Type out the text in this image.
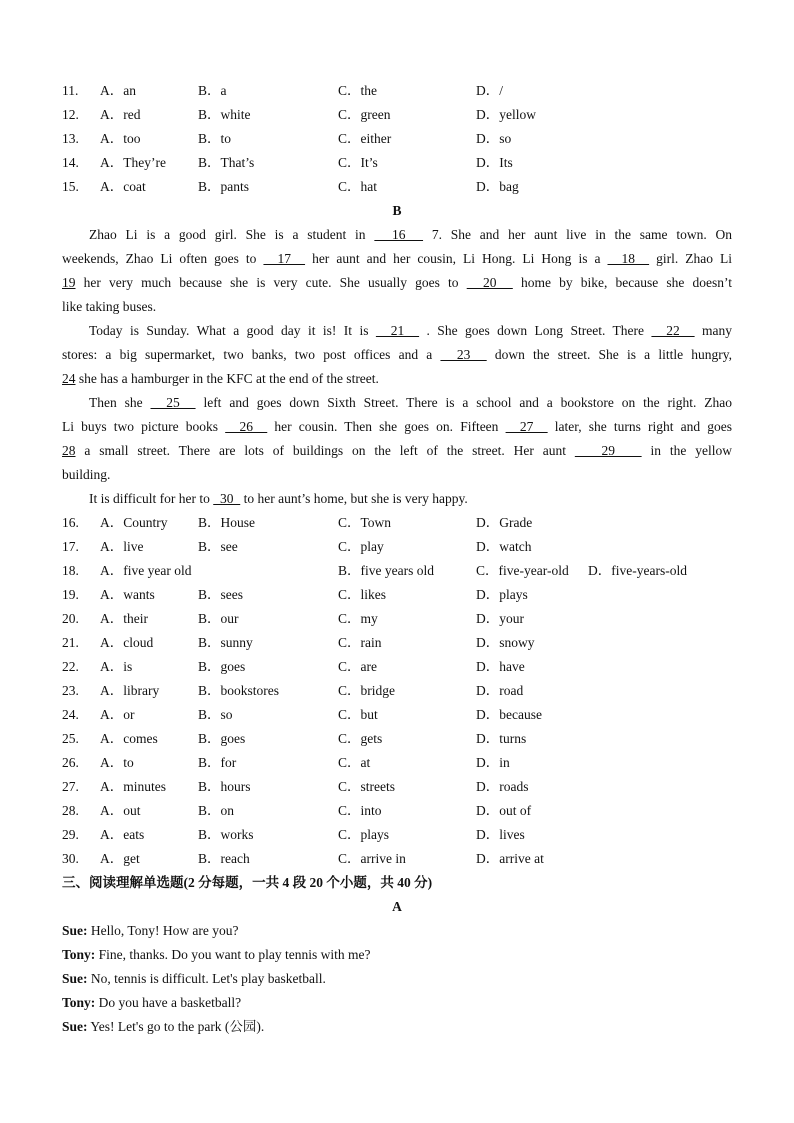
11. A．an	B．a	C．the	D．/
12. A．red	B．white	C．green	D．yellow
13. A．too	B．to	C．either	D．so
14. A．They’re B．That’s	C．It’s	D．Its
15. A．coat	B．pants	C．hat	D．bag
B
Zhao Li is a good girl. She is a student in   16   7. She and her aunt live in the same town. On
weekends, Zhao Li often goes to   17   her aunt and her cousin, Li Hong. Li Hong is a   18   girl. Zhao Li
19 her very much because she is very cute. She usually goes to   20   home by bike, because she doesn’t
like taking buses.
Today is Sunday. What a good day it is! It is   21   . She goes down Long Street. There   22   many
stores: a big supermarket, two banks, two post offices and a   23   down the street. She is a little hungry,
24 she has a hamburger in the KFC at the end of the street.
Then she   25   left and goes down Sixth Street. There is a school and a bookstore on the right. Zhao
Li buys two picture books   26   her cousin. Then she goes on. Fifteen   27   later, she turns right and goes
28 a small street. There are lots of buildings on the left of the street. Her aunt    29    in the yellow
building.
It is difficult for her to   30   to her aunt’s home, but she is very happy.
16. A．Country B．House	C．Town	D．Grade
17. A．live	B．see	C．play	D．watch
18. A．five year old	B．five years old	C．five-year-old D．five-years-old
19. A．wants	B．sees	C．likes	D．plays
20. A．their	B．our	C．my	D．your
21. A．cloud	B．sunny	C．rain	D．snowy
22. A．is	B．goes	C．are	D．have
23. A．library	B．bookstores	C．bridge	D．road
24. A．or	B．so	C．but	D．because
25. A．comes	B．goes	C．gets	D．turns
26. A．to	B．for	C．at	D．in
27. A．minutes B．hours	C．streets	D．roads
28. A．out	B．on	C．into	D．out of
29. A．eats	B．works	C．plays	D．lives
30. A．get	B．reach	C．arrive in	D．arrive at
三、阅读理解单选题(2 分每题，一共 4 段 20 个小题，共 40 分)
A
Sue: Hello, Tony! How are you?
Tony: Fine, thanks. Do you want to play tennis with me?
Sue: No, tennis is difficult. Let's play basketball.
Tony: Do you have a basketball?
Sue: Yes! Let's go to the park (公园).
